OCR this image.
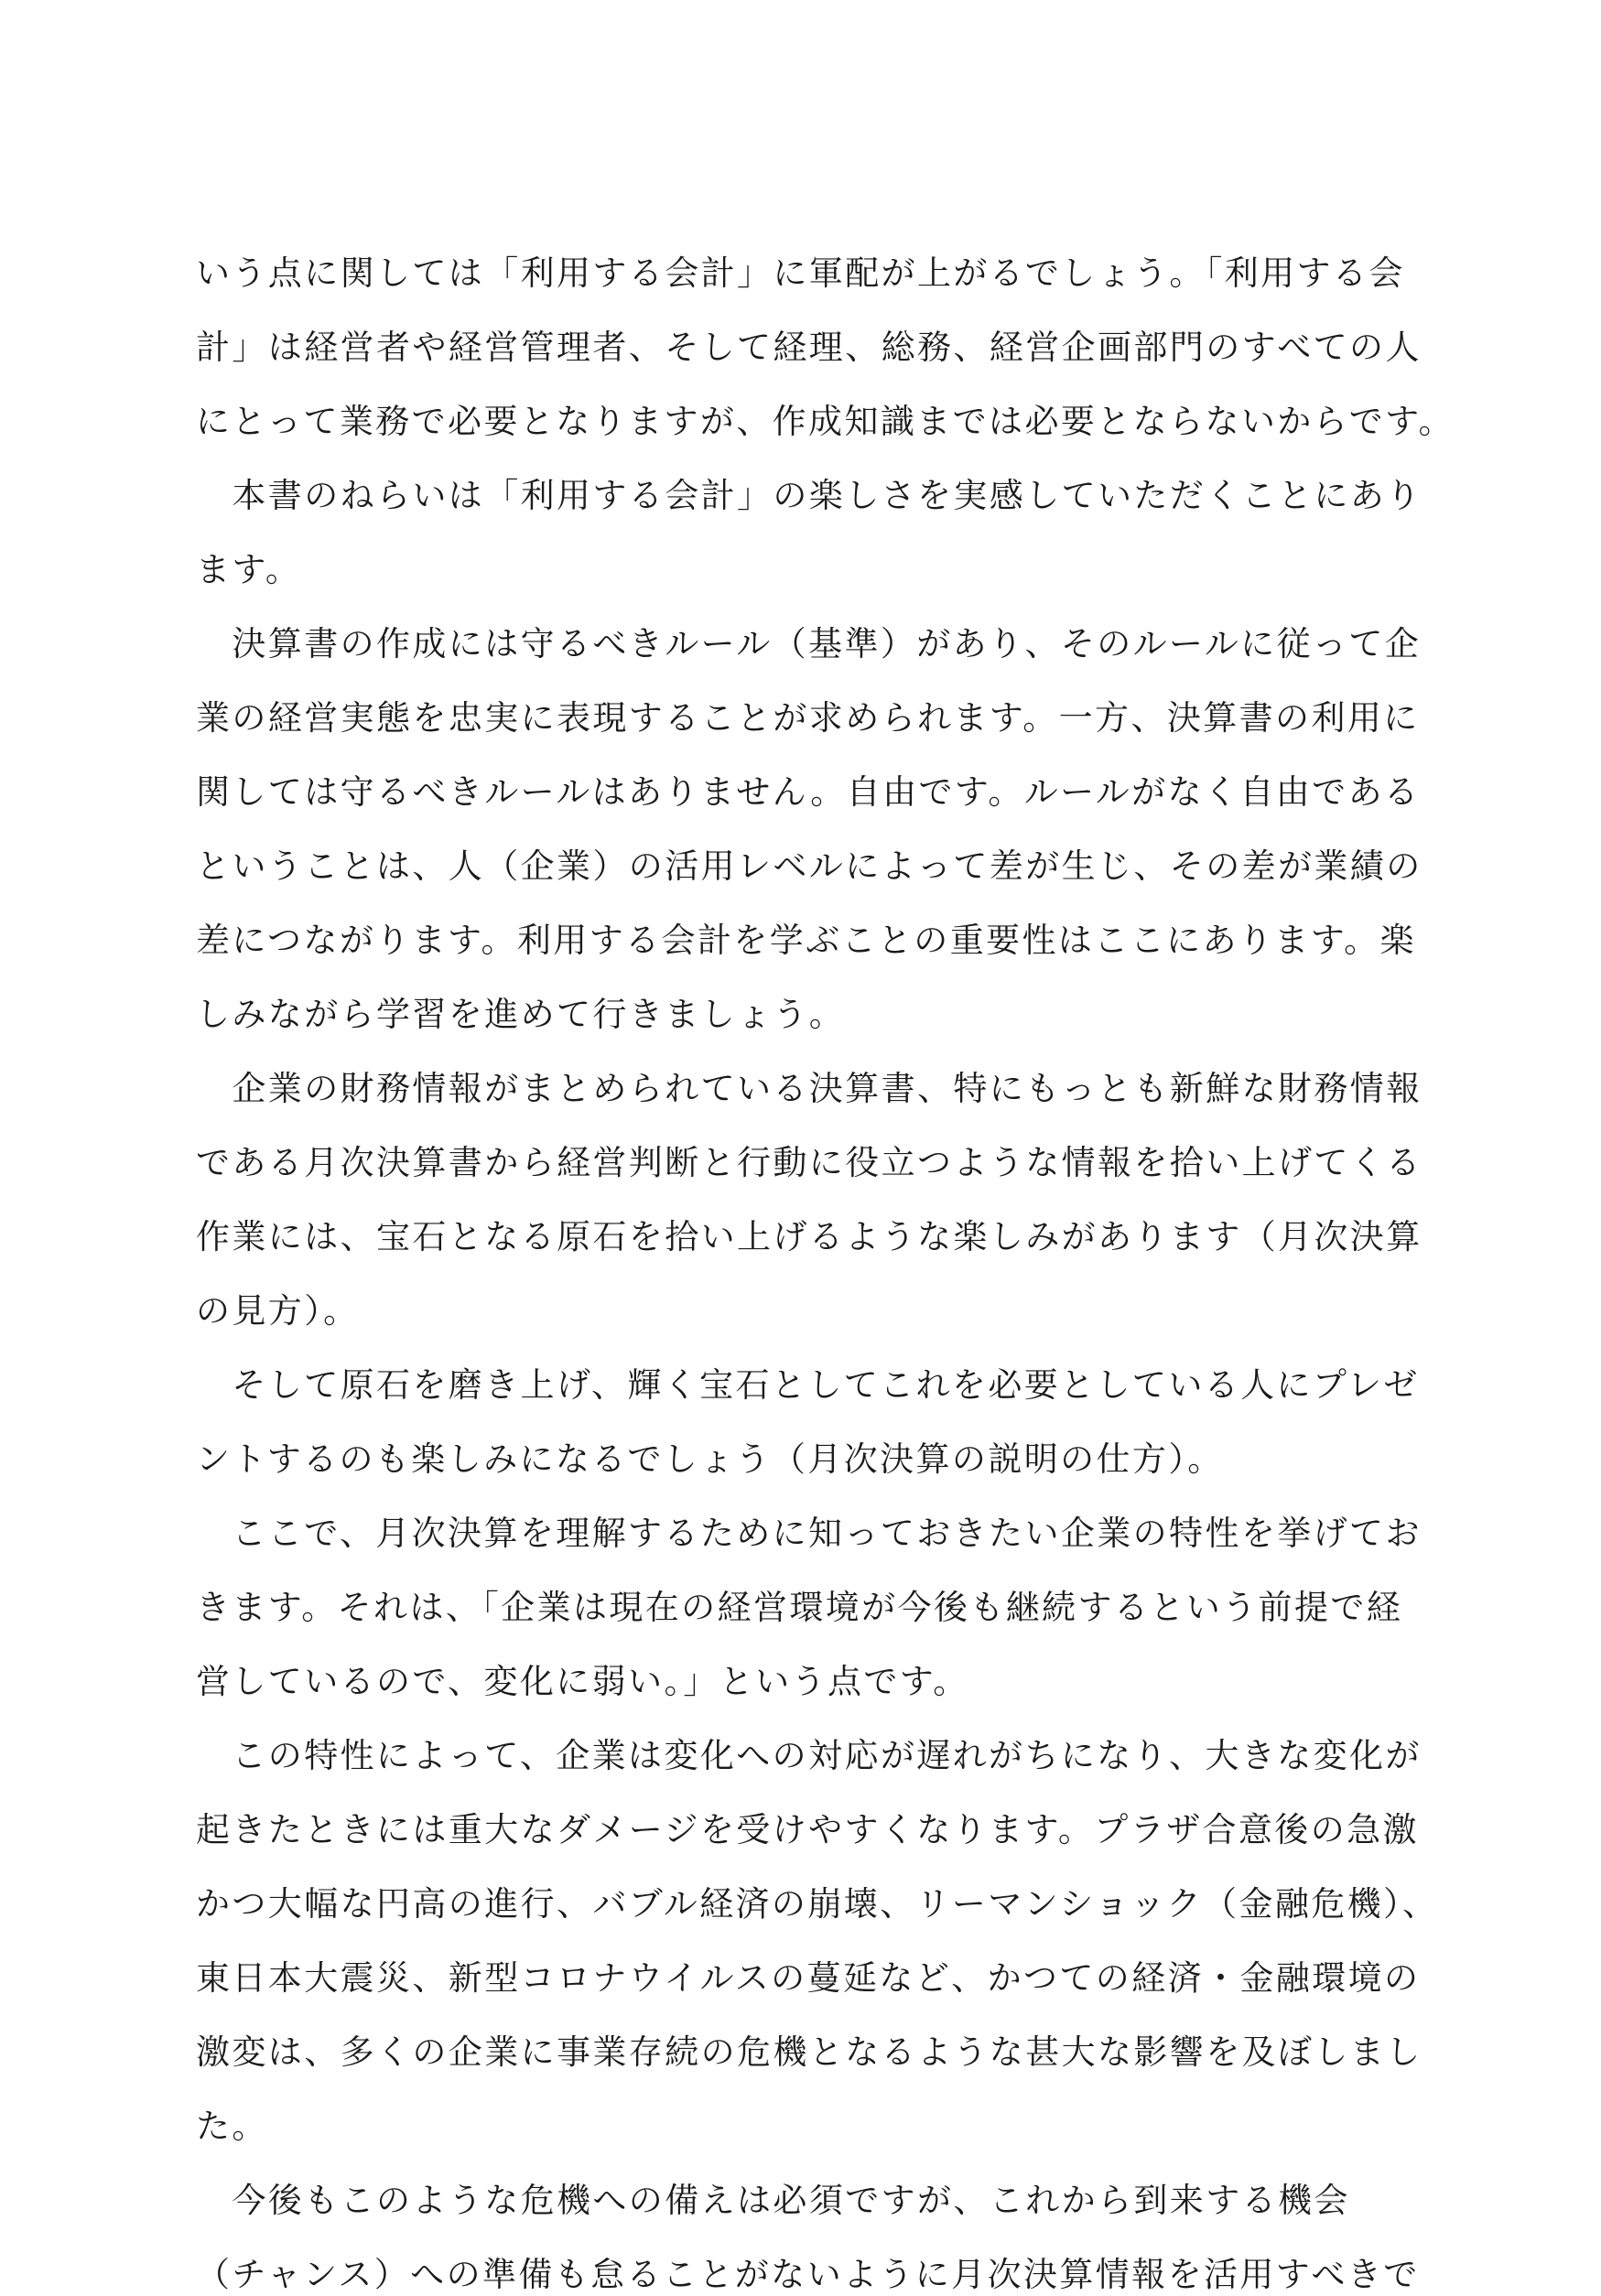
いう点に関しては「利用する会計」に軍配が上がるでしょう。「利用する会
計」は経営者や経営管理者、そして経理、総務、経営企画部門のすべての人
にとって業務で必要となりますが、作成知識までは必要とならないからです。
　本書のねらいは「利用する会計」の楽しさを実感していただくことにあり
ます。
　決算書の作成には守るべきルール（基準）があり、そのルールに従って企
業の経営実態を忠実に表現することが求められます。一方、決算書の利用に
関しては守るべきルールはありません。自由です。ルールがなく自由である
ということは、人（企業）の活用レベルによって差が生じ、その差が業績の
差につながります。利用する会計を学ぶことの重要性はここにあります。楽
しみながら学習を進めて行きましょう。
　企業の財務情報がまとめられている決算書、特にもっとも新鮮な財務情報
である月次決算書から経営判断と行動に役立つような情報を拾い上げてくる
作業には、宝石となる原石を拾い上げるような楽しみがあります（月次決算
の見方）。
　そして原石を磨き上げ、輝く宝石としてこれを必要としている人にプレゼ
ントするのも楽しみになるでしょう（月次決算の説明の仕方）。
　ここで、月次決算を理解するために知っておきたい企業の特性を挙げてお
きます。それは、「企業は現在の経営環境が今後も継続するという前提で経
営しているので、変化に弱い。」という点です。
　この特性によって、企業は変化への対応が遅れがちになり、大きな変化が
起きたときには重大なダメージを受けやすくなります。プラザ合意後の急激
かつ大幅な円高の進行、バブル経済の崩壊、リーマンショック（金融危機）、
東日本大震災、新型コロナウイルスの蔓延など、かつての経済・金融環境の
激変は、多くの企業に事業存続の危機となるような甚大な影響を及ぼしまし
た。
　今後もこのような危機への備えは必須ですが、これから到来する機会
（チャンス）への準備も怠ることがないように月次決算情報を活用すべきで
